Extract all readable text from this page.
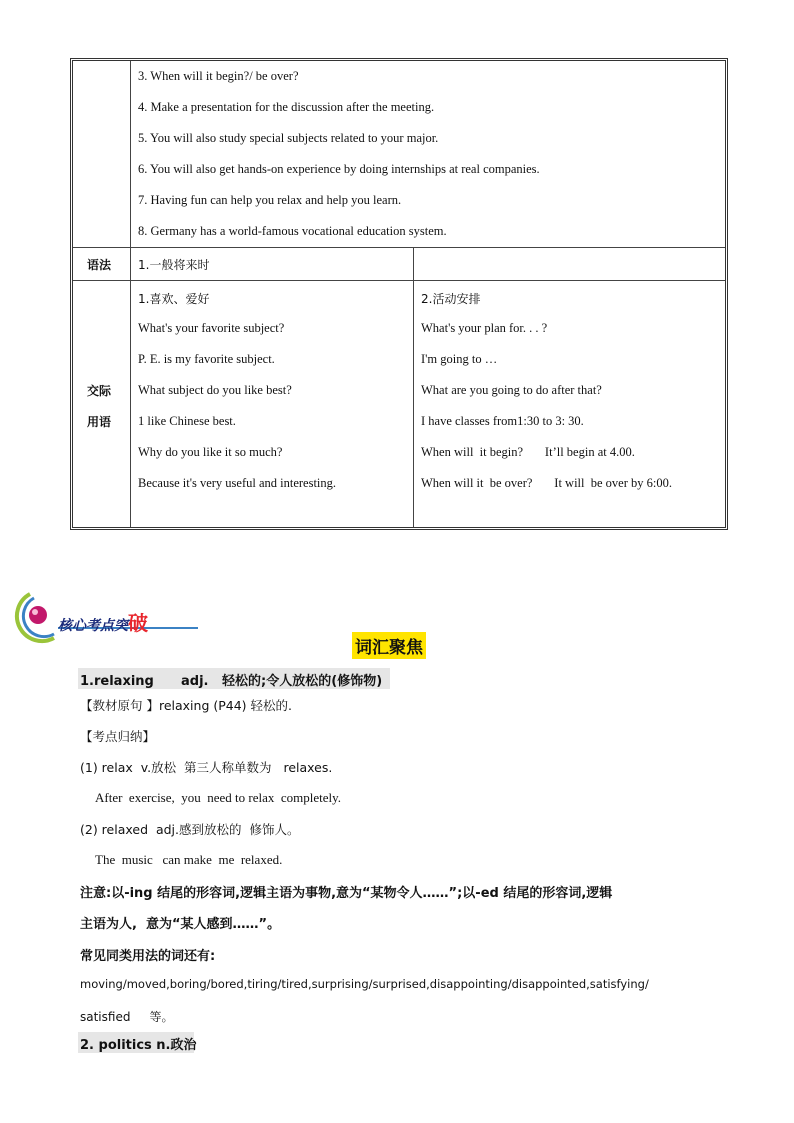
3. When will it begin?/ be over?
4. Make a presentation for the discussion after the meeting.
5. You will also study special subjects related to your major.
6. You will also get hands-on experience by doing internships at real companies.
7. Having fun can help you relax and help you learn.
8. Germany has a world-famous vocational education system.
语法 1.一般将来时
交际
用语
1.喜欢、爱好
What's your favorite subject?
P. E. is my favorite subject.
What subject do you like best?
1 like Chinese best.
Why do you like it so much?
Because it's very useful and interesting.
2.活动安排
What's your plan for. . . ?
I'm going to …
What are you going to do after that?
I have classes from1:30 to 3: 30.
When will  it begin?       It’ll begin at 4.00.
When will it  be over?       It will  be over by 6:00.
核心考点突破
词汇聚焦
1.relaxing      adj.   轻松的;令人放松的(修饰物)
【教材原句 】relaxing (P44) 轻松的.
【考点归纳】
(1) relax  v.放松  第三人称单数为   relaxes.
After  exercise,  you  need to relax  completely.
(2) relaxed  adj.感到放松的  修饰人。
The  music   can make  me  relaxed.
注意:以-ing 结尾的形容词,逻辑主语为事物,意为“某物令人……”;以-ed 结尾的形容词,逻辑
主语为人,  意为“某人感到……”。
常见同类用法的词还有:
moving/moved,boring/bored,tiring/tired,surprising/surprised,disappointing/disappointed,satisfying/
satisfied     等。
2. politics n.政治
